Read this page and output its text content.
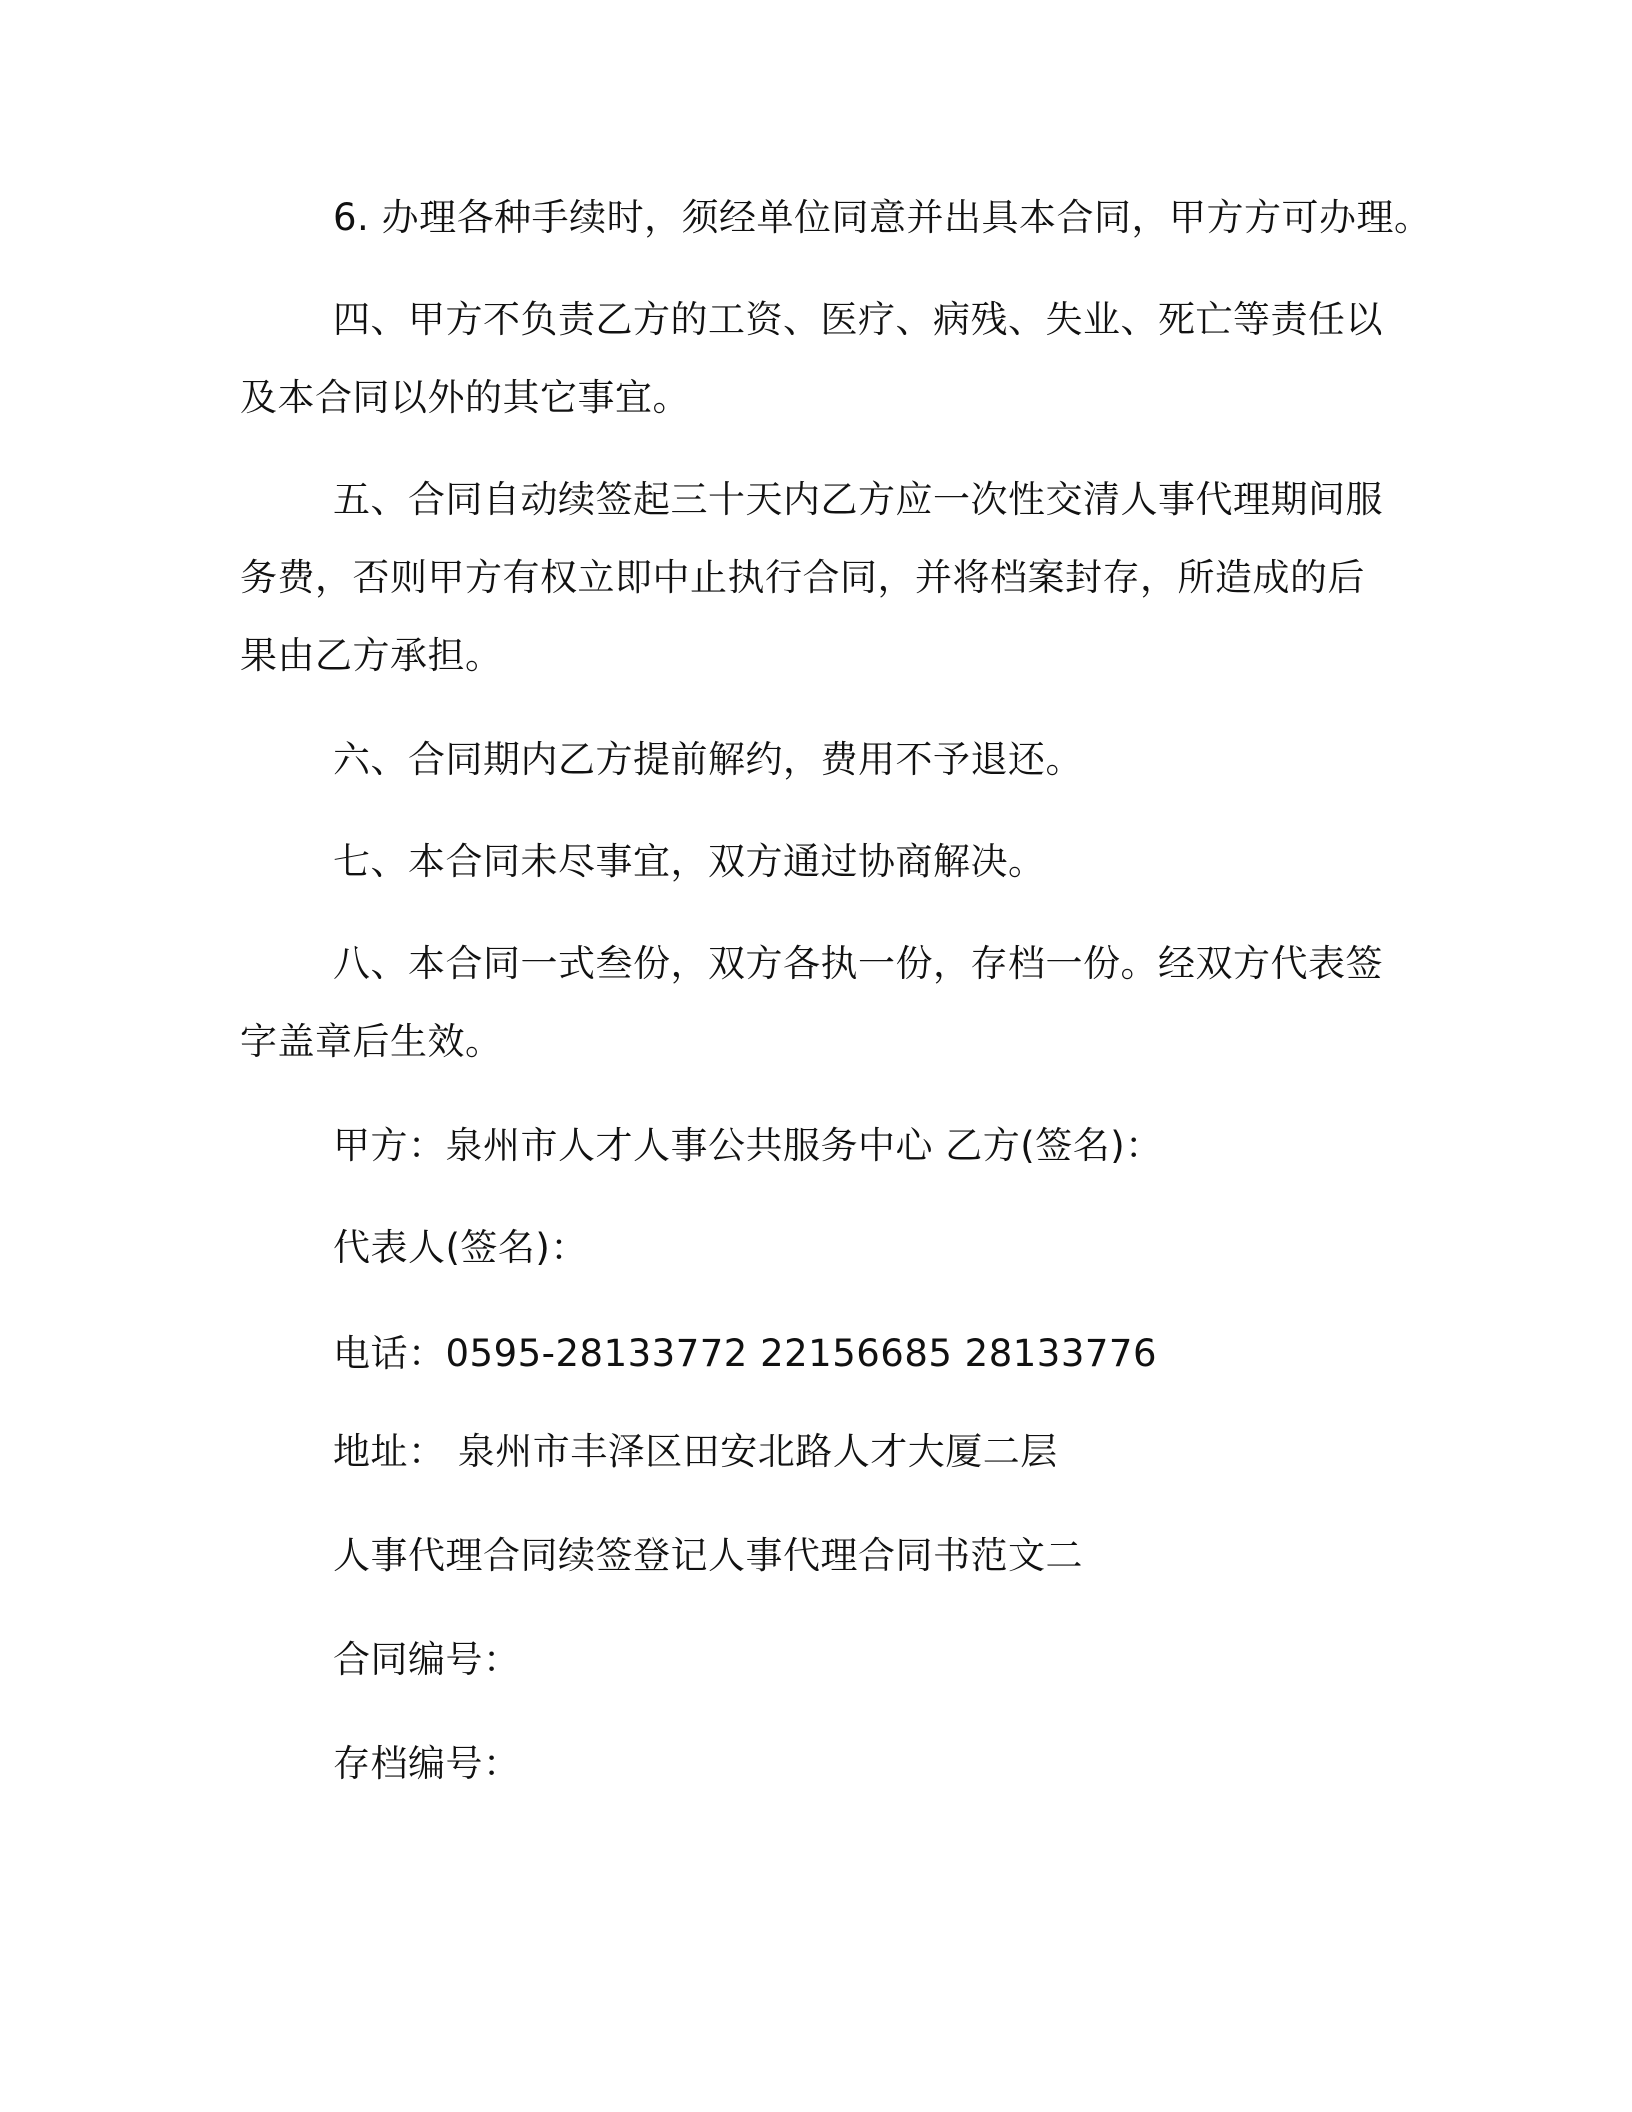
6. 办理各种手续时，须经单位同意并出具本合同，甲方方可办理。
四、甲方不负责乙方的工资、医疗、病残、失业、死亡等责任以
及本合同以外的其它事宜。
五、合同自动续签起三十天内乙方应一次性交清人事代理期间服
务费，否则甲方有权立即中止执行合同，并将档案封存，所造成的后
果由乙方承担。
六、合同期内乙方提前解约，费用不予退还。
七、本合同未尽事宜，双方通过协商解决。
八、本合同一式叁份，双方各执一份，存档一份。经双方代表签
字盖章后生效。
甲方：泉州市人才人事公共服务中心 乙方(签名)：
代表人(签名)：
电话：0595-28133772 22156685 28133776
地址： 泉州市丰泽区田安北路人才大厦二层
人事代理合同续签登记人事代理合同书范文二
合同编号：
存档编号：
